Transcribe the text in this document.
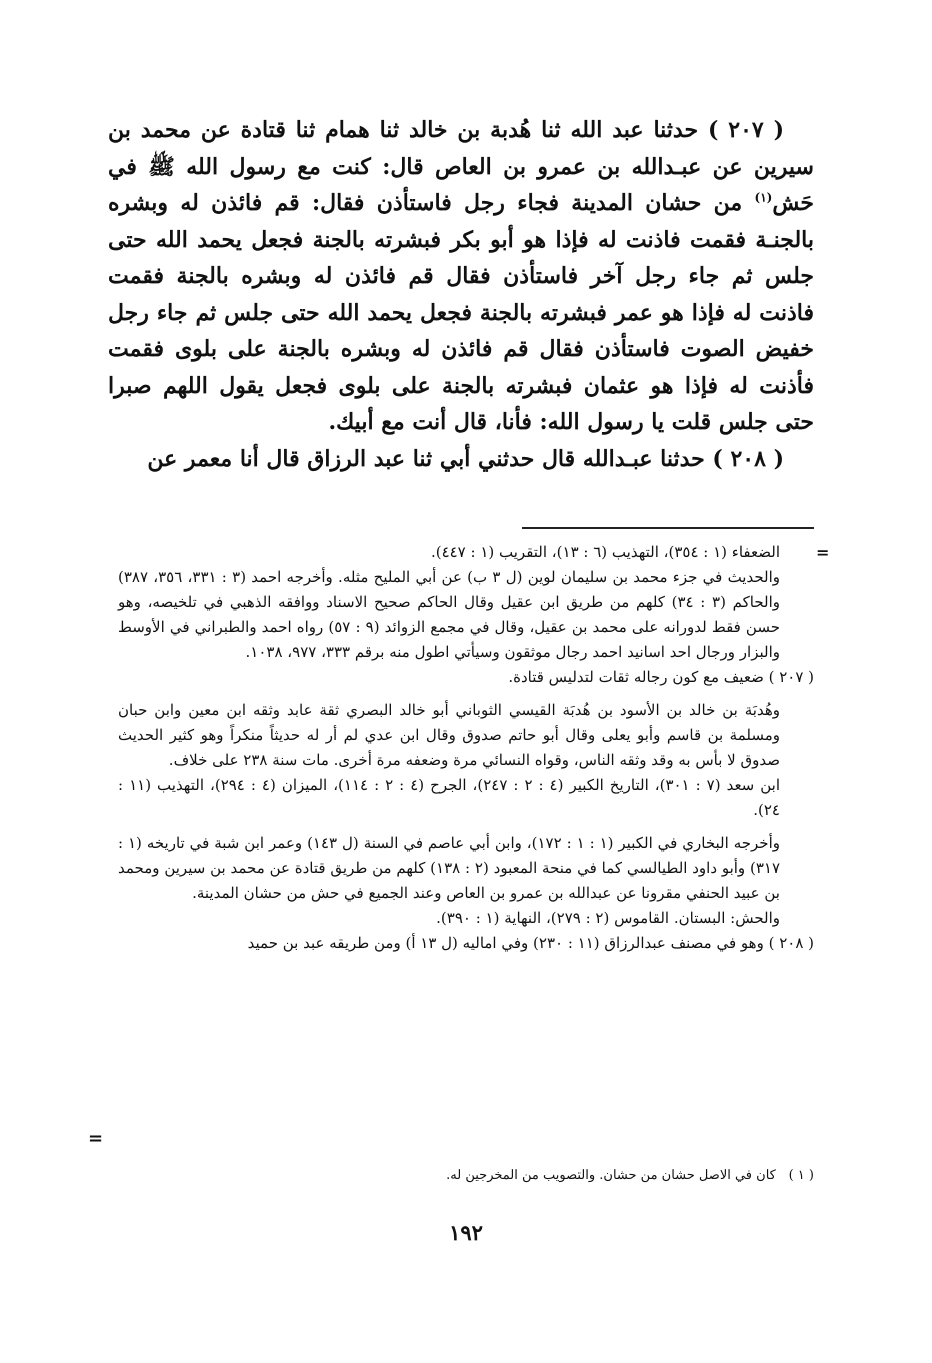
( ٢٠٧ ) حدثنا عبد الله ثنا هُدبة بن خالد ثنا همام ثنا قتادة عن محمد بن سيرين عن عبـدالله بن عمرو بن العاص قال: كنت مع رسول الله ﷺ في حَش$^{(١)}$ من حشان المدينة فجاء رجل فاستأذن فقال: قم فائذن له وبشره بالجنـة فقمت فاذنت له فإذا هو أبو بكر فبشرته بالجنة فجعل يحمد الله حتى جلس ثم جاء رجل آخر فاستأذن فقال قم فائذن له وبشره بالجنة فقمت فاذنت له فإذا هو عمر فبشرته بالجنة فجعل يحمد الله حتى جلس ثم جاء رجل خفيض الصوت فاستأذن فقال قم فائذن له وبشره بالجنة على بلوى فقمت فأذنت له فإذا هو عثمان فبشرته بالجنة على بلوى فجعل يقول اللهم صبرا حتى جلس قلت يا رسول الله: فأنا، قال أنت مع أبيك.

( ٢٠٨ ) حدثنا عبـدالله قال حدثني أبي ثنا عبد الرزاق قال أنا معمر عن

=

الضعفاء (١ : ٣٥٤)، التهذيب (٦ : ١٣)، التقريب (١ : ٤٤٧).

والحديث في جزء محمد بن سليمان لوين (ل ٣ ب) عن أبي المليح مثله. وأخرجه احمد (٣ : ٣٣١، ٣٥٦، ٣٨٧) والحاكم (٣ : ٣٤) كلهم من طريق ابن عقيل وقال الحاكم صحيح الاسناد ووافقه الذهبي في تلخيصه، وهو حسن فقط لدورانه على محمد بن عقيل، وقال في مجمع الزوائد (٩ : ٥٧) رواه احمد والطبراني في الأوسط والبزار ورجال احد اسانيد احمد رجال موثقون وسيأتي اطول منه برقم ٣٣٣، ٩٧٧، ١٠٣٨.

( ٢٠٧ ) ضعيف مع كون رجاله ثقات لتدليس قتادة.

وهُدبَة بن خالد بن الأسود بن هُدبَة القيسي الثوباني أبو خالد البصري ثقة عابد وثقه ابن معين وابن حبان ومسلمة بن قاسم وأبو يعلى وقال أبو حاتم صدوق وقال ابن عدي لم أر له حديثاً منكراً وهو كثير الحديث صدوق لا بأس به وقد وثقه الناس، وقواه النسائي مرة وضعفه مرة أخرى. مات سنة ٢٣٨ على خلاف.

ابن سعد (٧ : ٣٠١)، التاريخ الكبير (٤ : ٢ : ٢٤٧)، الجرح (٤ : ٢ : ١١٤)، الميزان (٤ : ٢٩٤)، التهذيب (١١ : ٢٤).

وأخرجه البخاري في الكبير (١ : ١ : ١٧٢)، وابن أبي عاصم في السنة (ل ١٤٣) وعمر ابن شبة في تاريخه (١ : ٣١٧) وأبو داود الطيالسي كما في منحة المعبود (٢ : ١٣٨) كلهم من طريق قتادة عن محمد بن سيرين ومحمد بن عبيد الحنفي مقرونا عن عبدالله بن عمرو بن العاص وعند الجميع في حش من حشان المدينة.

والحش: البستان. القاموس (٢ : ٢٧٩)، النهاية (١ : ٣٩٠).

( ٢٠٨ ) وهو في مصنف عبدالرزاق (١١ : ٢٣٠) وفي اماليه (ل ١٣ أ) ومن طريقه عبد بن حميد

=
( ١ ) كان في الاصل حشان من حشان. والتصويب من المخرجين له.
١٩٢
